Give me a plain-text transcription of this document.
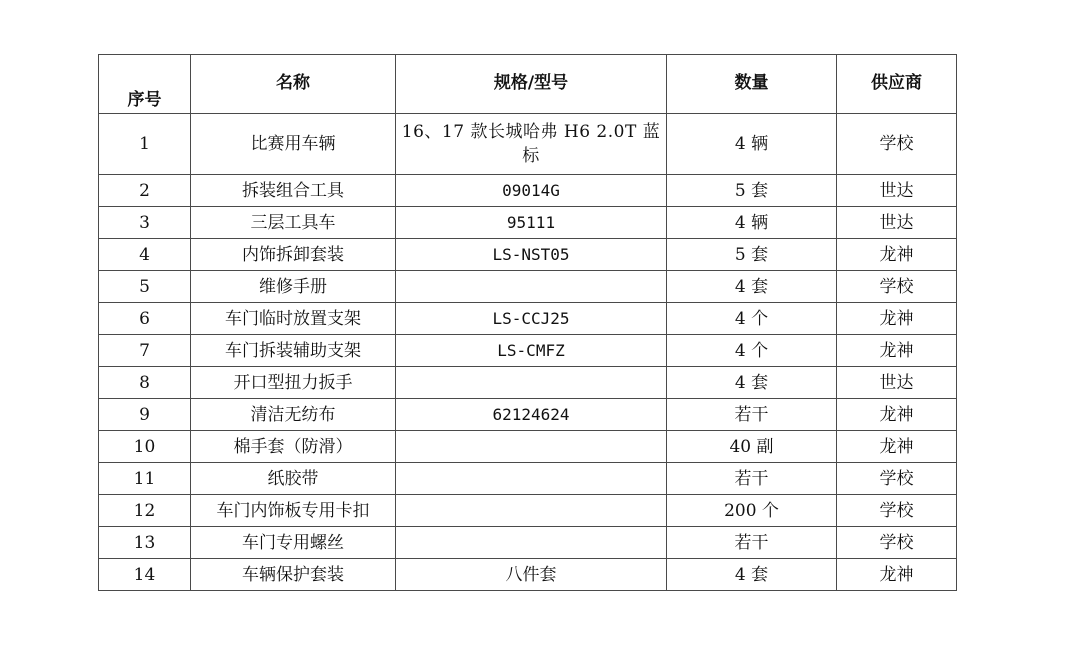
序号	名称	规格/型号	数量	供应商
1	比赛用车辆	16、17 款长城哈弗 H6 2.0T 蓝标	4 辆	学校
2	拆装组合工具	09014G	5 套	世达
3	三层工具车	95111	4 辆	世达
4	内饰拆卸套装	LS-NST05	5 套	龙神
5	维修手册		4 套	学校
6	车门临时放置支架	LS-CCJ25	4 个	龙神
7	车门拆装辅助支架	LS-CMFZ	4 个	龙神
8	开口型扭力扳手		4 套	世达
9	清洁无纺布	62124624	若干	龙神
10	棉手套（防滑）		40 副	龙神
11	纸胶带		若干	学校
12	车门内饰板专用卡扣		200 个	学校
13	车门专用螺丝		若干	学校
14	车辆保护套装	八件套	4 套	龙神
